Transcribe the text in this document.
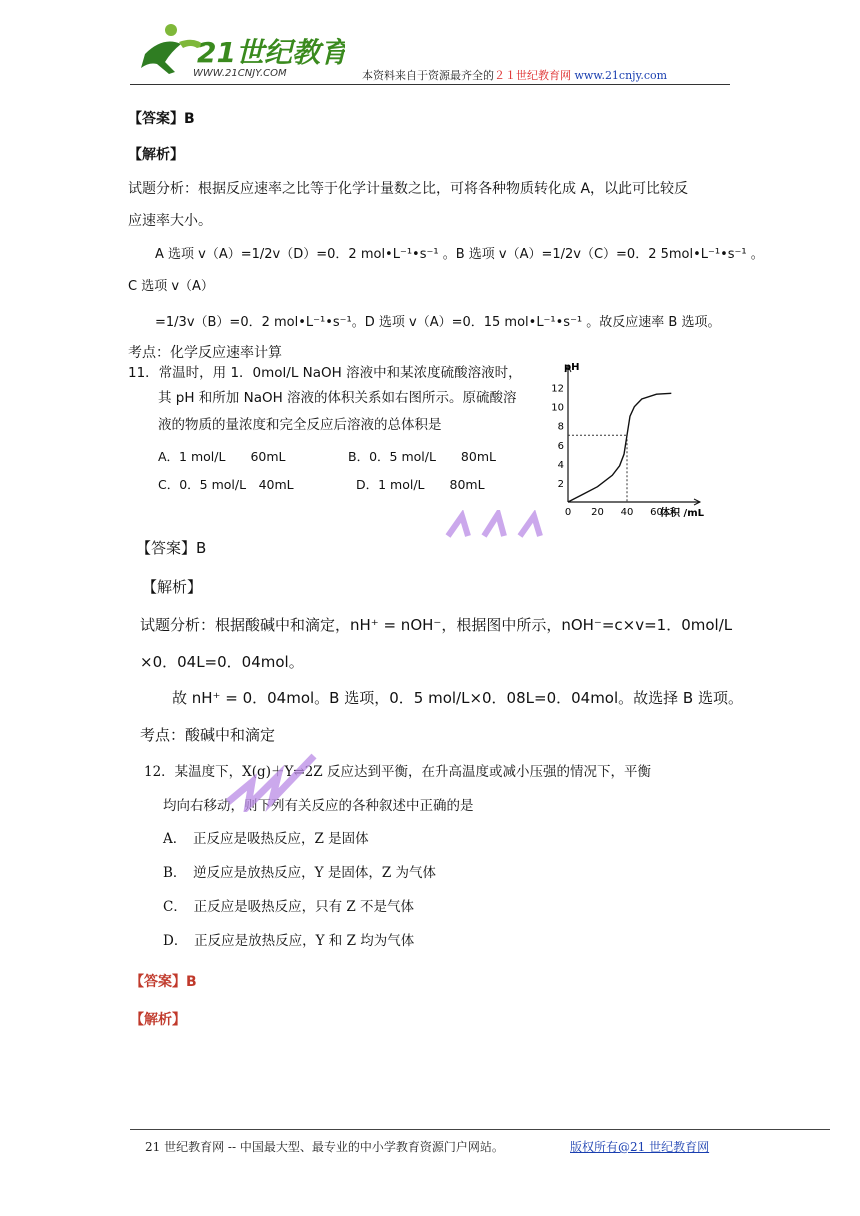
21世纪教育
WWW.21CNJY.COM	本资料来自于资源最齐全的２１世纪教育网 www.21cnjy.com
【答案】B
【解析】
试题分析：根据反应速率之比等于化学计量数之比，可将各种物质转化成 A，以此可比较反
应速率大小。
A 选项 v（A）=1/2v（D）=0．2 mol•L⁻¹•s⁻¹ 。B 选项 v（A）=1/2v（C）=0．2 5mol•L⁻¹•s⁻¹ 。
C 选项 v（A）
=1/3v（B）=0．2 mol•L⁻¹•s⁻¹。D 选项 v（A）=0．15 mol•L⁻¹•s⁻¹ 。故反应速率 B 选项。
考点：化学反应速率计算
11．常温时，用 1．0mol/L NaOH 溶液中和某浓度硫酸溶液时，
其 pH 和所加 NaOH 溶液的体积关系如右图所示。原硫酸溶
液的物质的量浓度和完全反应后溶液的总体积是
A．1 mol/L　　60mL	B．0．5 mol/L　　80mL
C．0．5 mol/L　40mL	D．1 mol/L　　80mL
pH
12
10
8
6
4
2
0 20 40 60
体积 /mL
【答案】B
【解析】
试题分析：根据酸碱中和滴定，nH⁺ = nOH⁻，根据图中所示，nOH⁻=c×v=1．0mol/L
×0．04L=0．04mol。
故 nH⁺ = 0．04mol。B 选项，0．5 mol/L×0．08L=0．04mol。故选择 B 选项。
考点：酸碱中和滴定
12．某温度下，X(g)＋Y⇌2Z 反应达到平衡，在升高温度或减小压强的情况下，平衡
均向右移动，则下列有关反应的各种叙述中正确的是
A．　正反应是吸热反应，Z 是固体
B．　逆反应是放热反应，Y 是固体，Z 为气体
C．　正反应是吸热反应，只有 Z 不是气体
D．　正反应是放热反应，Y 和 Z 均为气体
【答案】B
【解析】
21 世纪教育网 -- 中国最大型、最专业的中小学教育资源门户网站。	版权所有@21 世纪教育网
